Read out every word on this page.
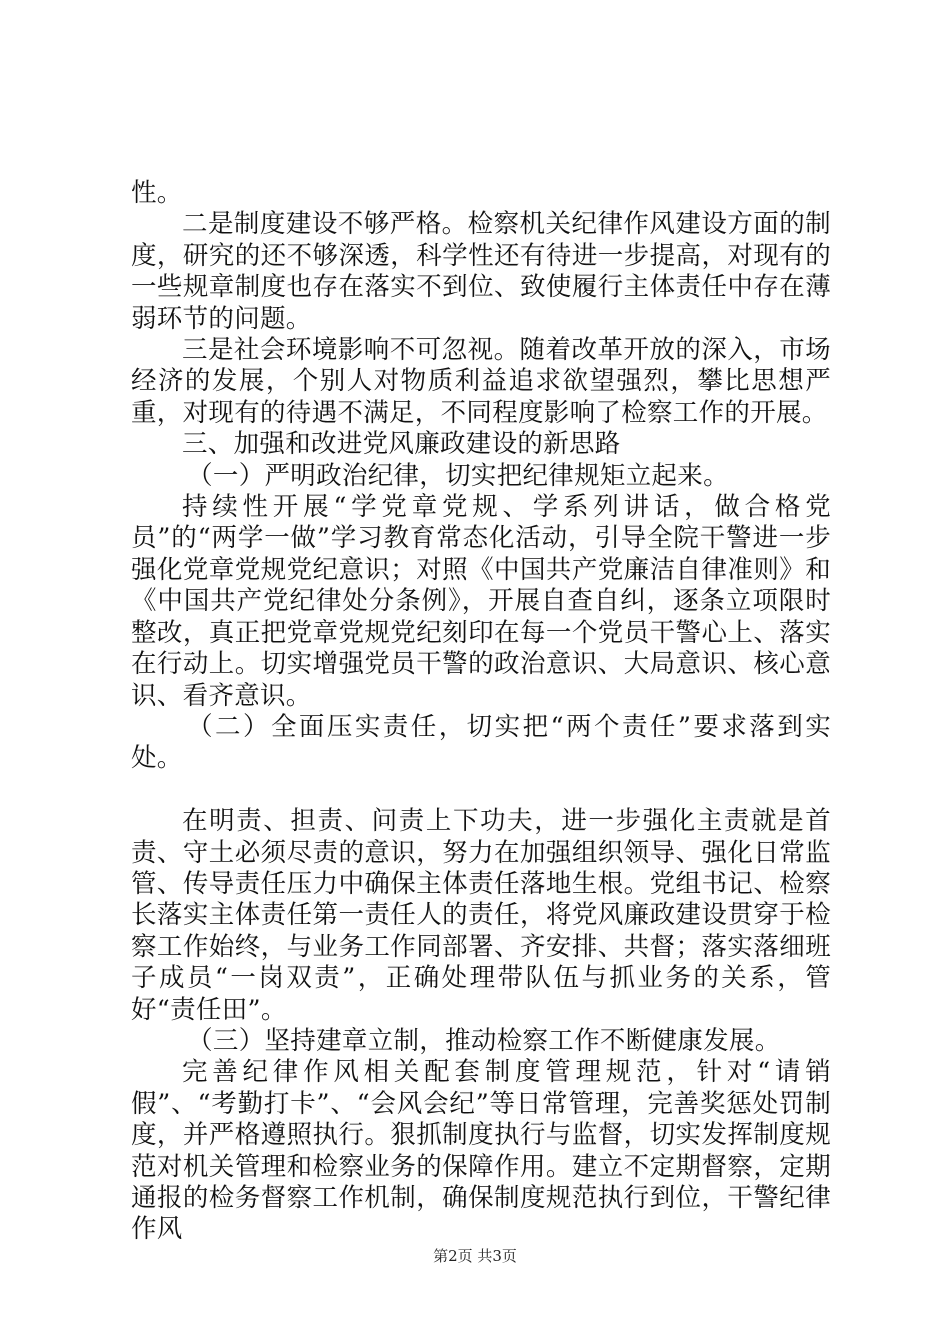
性。

二是制度建设不够严格。检察机关纪律作风建设方面的制度，研究的还不够深透，科学性还有待进一步提高，对现有的一些规章制度也存在落实不到位、致使履行主体责任中存在薄弱环节的问题。

三是社会环境影响不可忽视。随着改革开放的深入，市场经济的发展，个别人对物质利益追求欲望强烈，攀比思想严重，对现有的待遇不满足，不同程度影响了检察工作的开展。

三、加强和改进党风廉政建设的新思路

（一）严明政治纪律，切实把纪律规矩立起来。

持续性开展“学党章党规、学系列讲话，做合格党员”的“两学一做”学习教育常态化活动，引导全院干警进一步强化党章党规党纪意识；对照《中国共产党廉洁自律准则》和《中国共产党纪律处分条例》，开展自查自纠，逐条立项限时整改，真正把党章党规党纪刻印在每一个党员干警心上、落实在行动上。切实增强党员干警的政治意识、大局意识、核心意识、看齐意识。

（二）全面压实责任，切实把“两个责任”要求落到实处。

在明责、担责、问责上下功夫，进一步强化主责就是首责、守土必须尽责的意识，努力在加强组织领导、强化日常监管、传导责任压力中确保主体责任落地生根。党组书记、检察长落实主体责任第一责任人的责任，将党风廉政建设贯穿于检察工作始终，与业务工作同部署、齐安排、共督；落实落细班子成员“一岗双责”，正确处理带队伍与抓业务的关系，管好“责任田”。

（三）坚持建章立制，推动检察工作不断健康发展。

完善纪律作风相关配套制度管理规范，针对“请销假”、“考勤打卡”、“会风会纪”等日常管理，完善奖惩处罚制度，并严格遵照执行。狠抓制度执行与监督，切实发挥制度规范对机关管理和检察业务的保障作用。建立不定期督察，定期通报的检务督察工作机制，确保制度规范执行到位，干警纪律作风

第2页 共3页
